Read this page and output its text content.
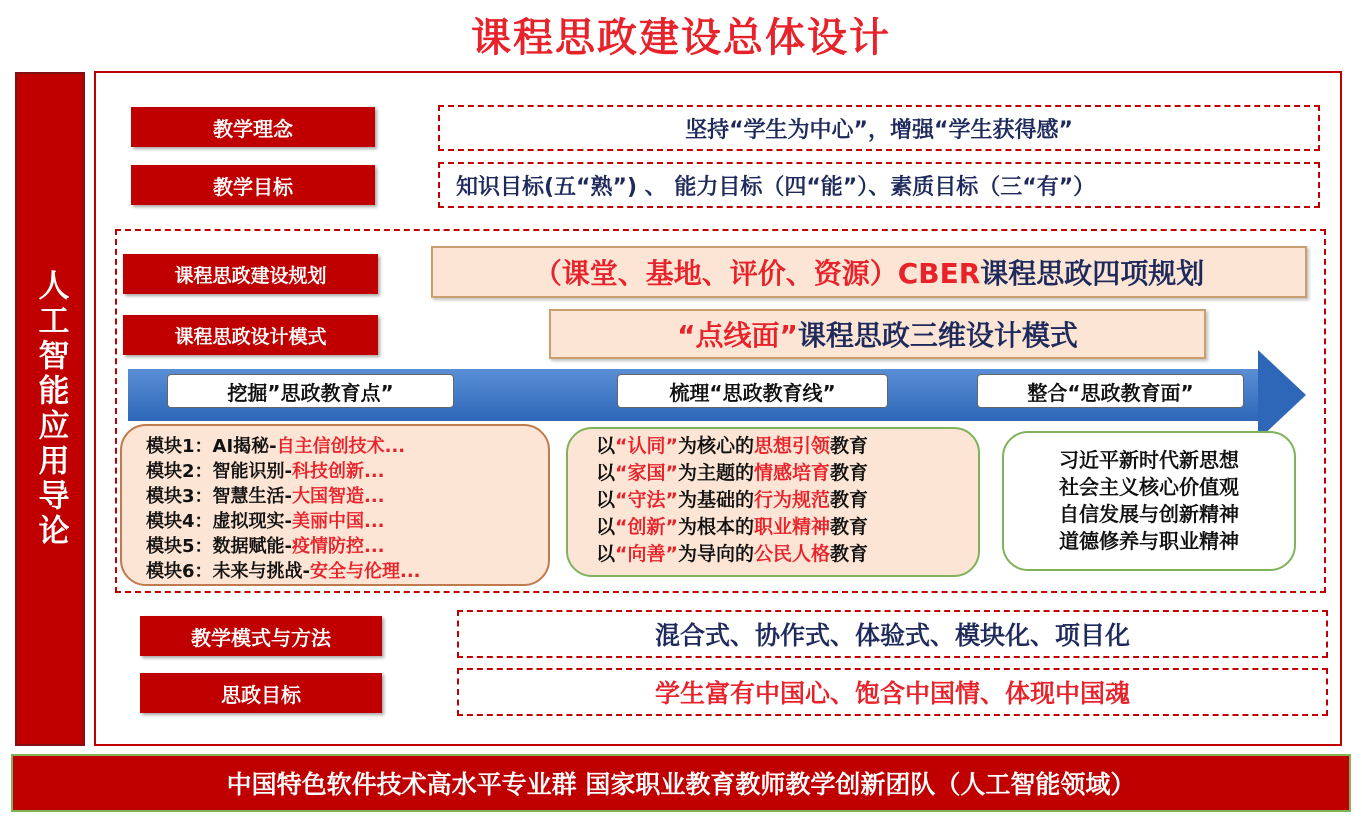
课程思政建设总体设计
人工智能应用导论
教学理念	坚持“学生为中心”，增强“学生获得感”
教学目标	知识目标(五“熟”) 、 能力目标（四“能”）、素质目标（三“有”）
课程思政建设规划	（课堂、基地、评价、资源）CBER 课程思政四项规划
课程思政设计模式	“点线面” 课程思政三维设计模式
挖掘”思政教育点”	梳理“思政教育线”	整合“思政教育面”
模块1：AI揭秘-自主信创技术...
模块2：智能识别-科技创新...
模块3：智慧生活-大国智造...
模块4：虚拟现实-美丽中国...
模块5：数据赋能-疫情防控...
模块6：未来与挑战-安全与伦理...
以“认同”为核心的思想引领教育
以“家国”为主题的情感培育教育
以“守法”为基础的行为规范教育
以“创新”为根本的职业精神教育
以“向善”为导向的公民人格教育
习近平新时代新思想
社会主义核心价值观
自信发展与创新精神
道德修养与职业精神
教学模式与方法	混合式、协作式、体验式、模块化、项目化
思政目标	学生富有中国心、饱含中国情、体现中国魂
中国特色软件技术高水平专业群 国家职业教育教师教学创新团队（人工智能领域）
